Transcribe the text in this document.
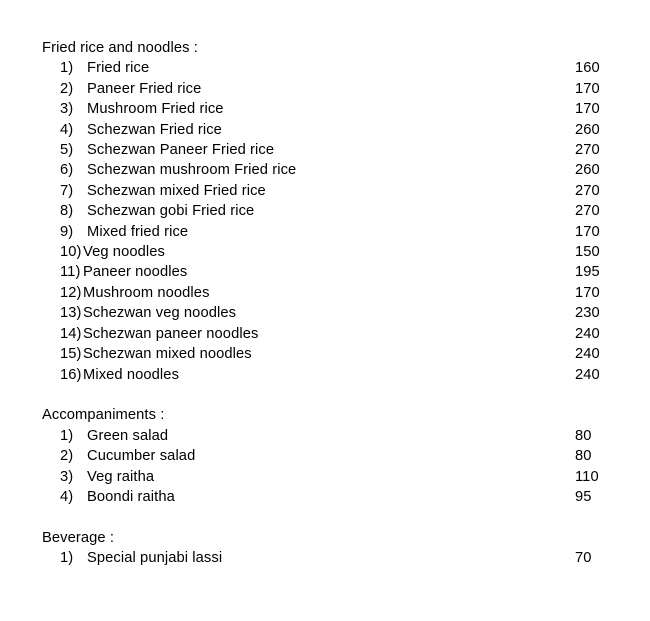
Fried rice and noodles :
1) Fried rice	160
2) Paneer Fried rice	170
3) Mushroom Fried rice	170
4) Schezwan Fried rice	260
5) Schezwan Paneer Fried rice	270
6) Schezwan mushroom Fried rice	260
7) Schezwan mixed Fried rice	270
8) Schezwan gobi Fried rice	270
9) Mixed fried rice	170
10) Veg noodles	150
11) Paneer noodles	195
12) Mushroom noodles	170
13) Schezwan veg noodles	230
14) Schezwan paneer noodles	240
15) Schezwan mixed noodles	240
16) Mixed noodles	240
Accompaniments :
1) Green salad	80
2) Cucumber salad	80
3) Veg raitha	110
4) Boondi raitha	95
Beverage :
1) Special punjabi lassi	70
